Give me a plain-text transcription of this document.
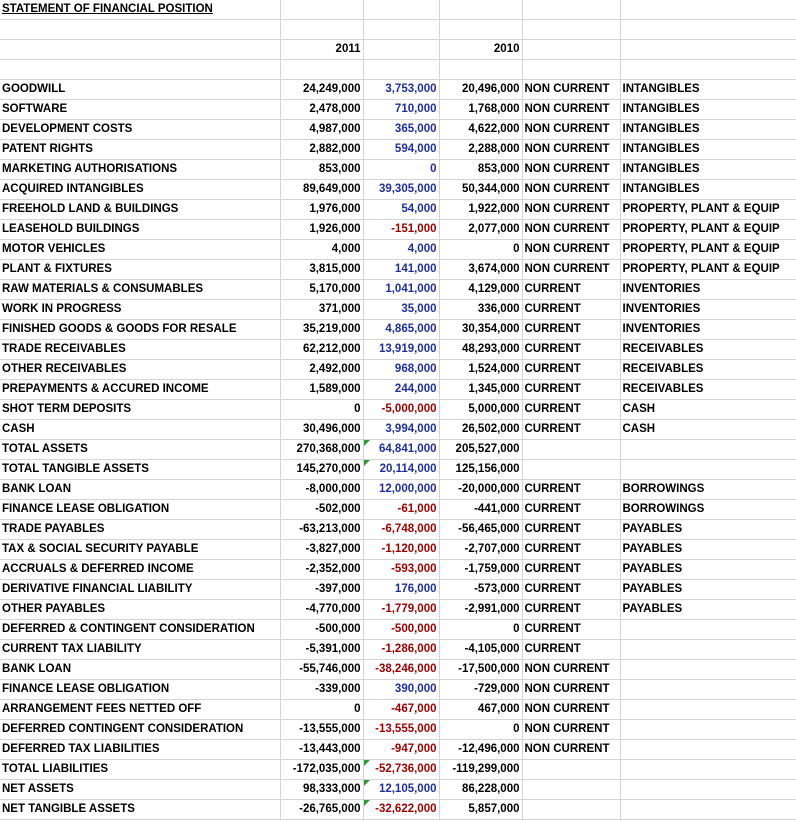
STATEMENT OF FINANCIAL POSITION					

	2011		2010		

GOODWILL	24,249,000	3,753,000	20,496,000	NON CURRENT	INTANGIBLES
SOFTWARE	2,478,000	710,000	1,768,000	NON CURRENT	INTANGIBLES
DEVELOPMENT COSTS	4,987,000	365,000	4,622,000	NON CURRENT	INTANGIBLES
PATENT RIGHTS	2,882,000	594,000	2,288,000	NON CURRENT	INTANGIBLES
MARKETING AUTHORISATIONS	853,000	0	853,000	NON CURRENT	INTANGIBLES
ACQUIRED INTANGIBLES	89,649,000	39,305,000	50,344,000	NON CURRENT	INTANGIBLES
FREEHOLD LAND & BUILDINGS	1,976,000	54,000	1,922,000	NON CURRENT	PROPERTY, PLANT & EQUIP
LEASEHOLD BUILDINGS	1,926,000	-151,000	2,077,000	NON CURRENT	PROPERTY, PLANT & EQUIP
MOTOR VEHICLES	4,000	4,000	0	NON CURRENT	PROPERTY, PLANT & EQUIP
PLANT & FIXTURES	3,815,000	141,000	3,674,000	NON CURRENT	PROPERTY, PLANT & EQUIP
RAW MATERIALS & CONSUMABLES	5,170,000	1,041,000	4,129,000	CURRENT	INVENTORIES
WORK IN PROGRESS	371,000	35,000	336,000	CURRENT	INVENTORIES
FINISHED GOODS & GOODS FOR RESALE	35,219,000	4,865,000	30,354,000	CURRENT	INVENTORIES
TRADE RECEIVABLES	62,212,000	13,919,000	48,293,000	CURRENT	RECEIVABLES
OTHER RECEIVABLES	2,492,000	968,000	1,524,000	CURRENT	RECEIVABLES
PREPAYMENTS & ACCURED INCOME	1,589,000	244,000	1,345,000	CURRENT	RECEIVABLES
SHOT TERM DEPOSITS	0	-5,000,000	5,000,000	CURRENT	CASH
CASH	30,496,000	3,994,000	26,502,000	CURRENT	CASH
TOTAL ASSETS	270,368,000	64,841,000	205,527,000		
TOTAL TANGIBLE ASSETS	145,270,000	20,114,000	125,156,000		
BANK LOAN	-8,000,000	12,000,000	-20,000,000	CURRENT	BORROWINGS
FINANCE LEASE OBLIGATION	-502,000	-61,000	-441,000	CURRENT	BORROWINGS
TRADE PAYABLES	-63,213,000	-6,748,000	-56,465,000	CURRENT	PAYABLES
TAX & SOCIAL SECURITY PAYABLE	-3,827,000	-1,120,000	-2,707,000	CURRENT	PAYABLES
ACCRUALS & DEFERRED INCOME	-2,352,000	-593,000	-1,759,000	CURRENT	PAYABLES
DERIVATIVE FINANCIAL LIABILITY	-397,000	176,000	-573,000	CURRENT	PAYABLES
OTHER PAYABLES	-4,770,000	-1,779,000	-2,991,000	CURRENT	PAYABLES
DEFERRED & CONTINGENT CONSIDERATION	-500,000	-500,000	0	CURRENT	
CURRENT TAX LIABILITY	-5,391,000	-1,286,000	-4,105,000	CURRENT	
BANK LOAN	-55,746,000	-38,246,000	-17,500,000	NON CURRENT	
FINANCE LEASE OBLIGATION	-339,000	390,000	-729,000	NON CURRENT	
ARRANGEMENT FEES NETTED OFF	0	-467,000	467,000	NON CURRENT	
DEFERRED CONTINGENT CONSIDERATION	-13,555,000	-13,555,000	0	NON CURRENT	
DEFERRED TAX LIABILITIES	-13,443,000	-947,000	-12,496,000	NON CURRENT	
TOTAL LIABILITIES	-172,035,000	-52,736,000	-119,299,000		
NET ASSETS	98,333,000	12,105,000	86,228,000		
NET TANGIBLE ASSETS	-26,765,000	-32,622,000	5,857,000		
